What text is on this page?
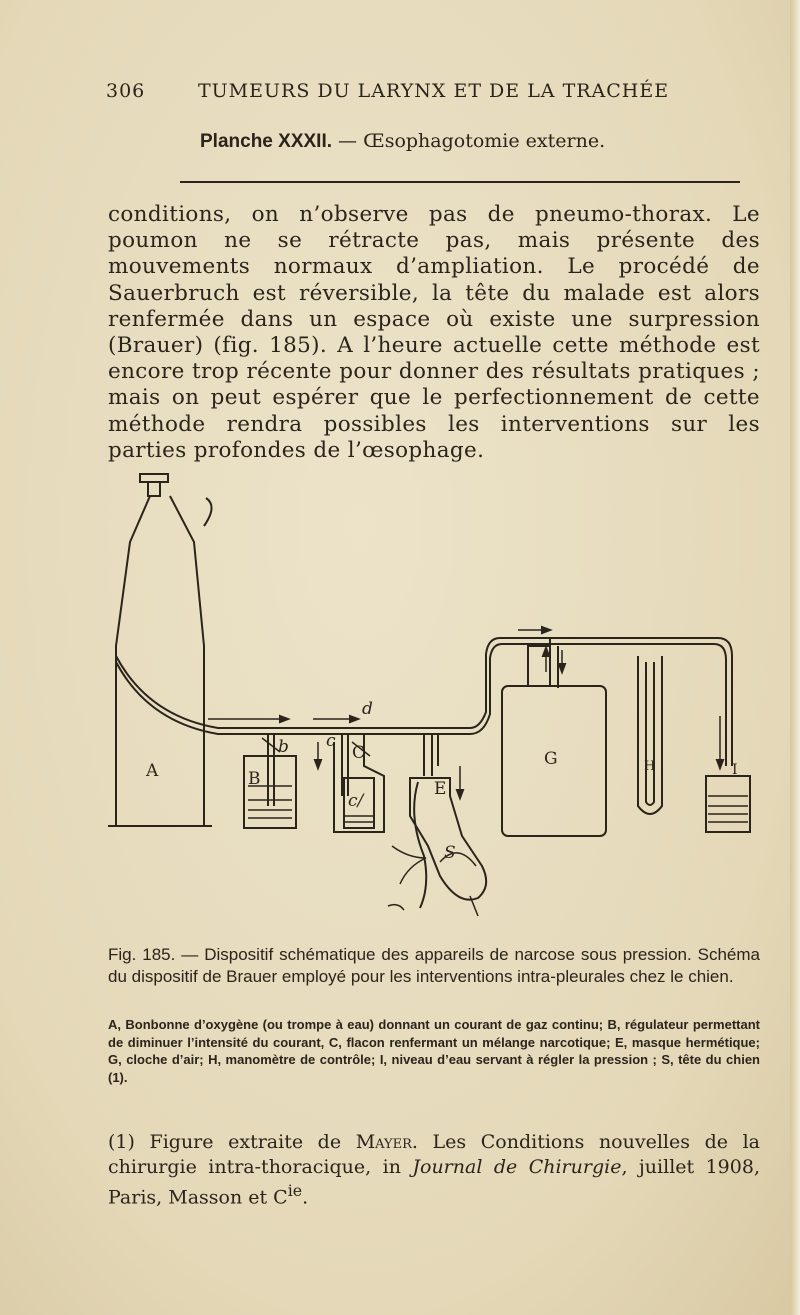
306	TUMEURS DU LARYNX ET DE LA TRACHÉE
Planche XXXII. — Œsophagotomie externe.

conditions, on n’observe pas de pneumo-thorax. Le poumon ne se rétracte pas, mais présente des mouvements normaux d’ampliation. Le procédé de Sauerbruch est réversible, la tête du malade est alors renfermée dans un espace où existe une surpression (Brauer) (fig. 185). A l’heure actuelle cette méthode est encore trop récente pour donner des résultats pratiques ; mais on peut espérer que le perfectionnement de cette méthode rendra possibles les interventions sur les parties profondes de l’œsophage.

A	B
b	C
c
c/
d
E
G	H	I
S

Fig. 185. — Dispositif schématique des appareils de narcose sous pression. Schéma du dispositif de Brauer employé pour les interventions intra-pleurales chez le chien.

A, Bonbonne d’oxygène (ou trompe à eau) donnant un courant de gaz continu; B, régulateur permettant de diminuer l’intensité du courant, C, flacon renfermant un mélange narcotique; E, masque hermétique; G, cloche d’air; H, manomètre de contrôle; I, niveau d’eau servant à régler la pression ; S, tête du chien (1).

(1) Figure extraite de Mayer. Les Conditions nouvelles de la chirurgie intra-thoracique, in Journal de Chirurgie, juillet 1908, Paris, Masson et $C^{ie}$.
